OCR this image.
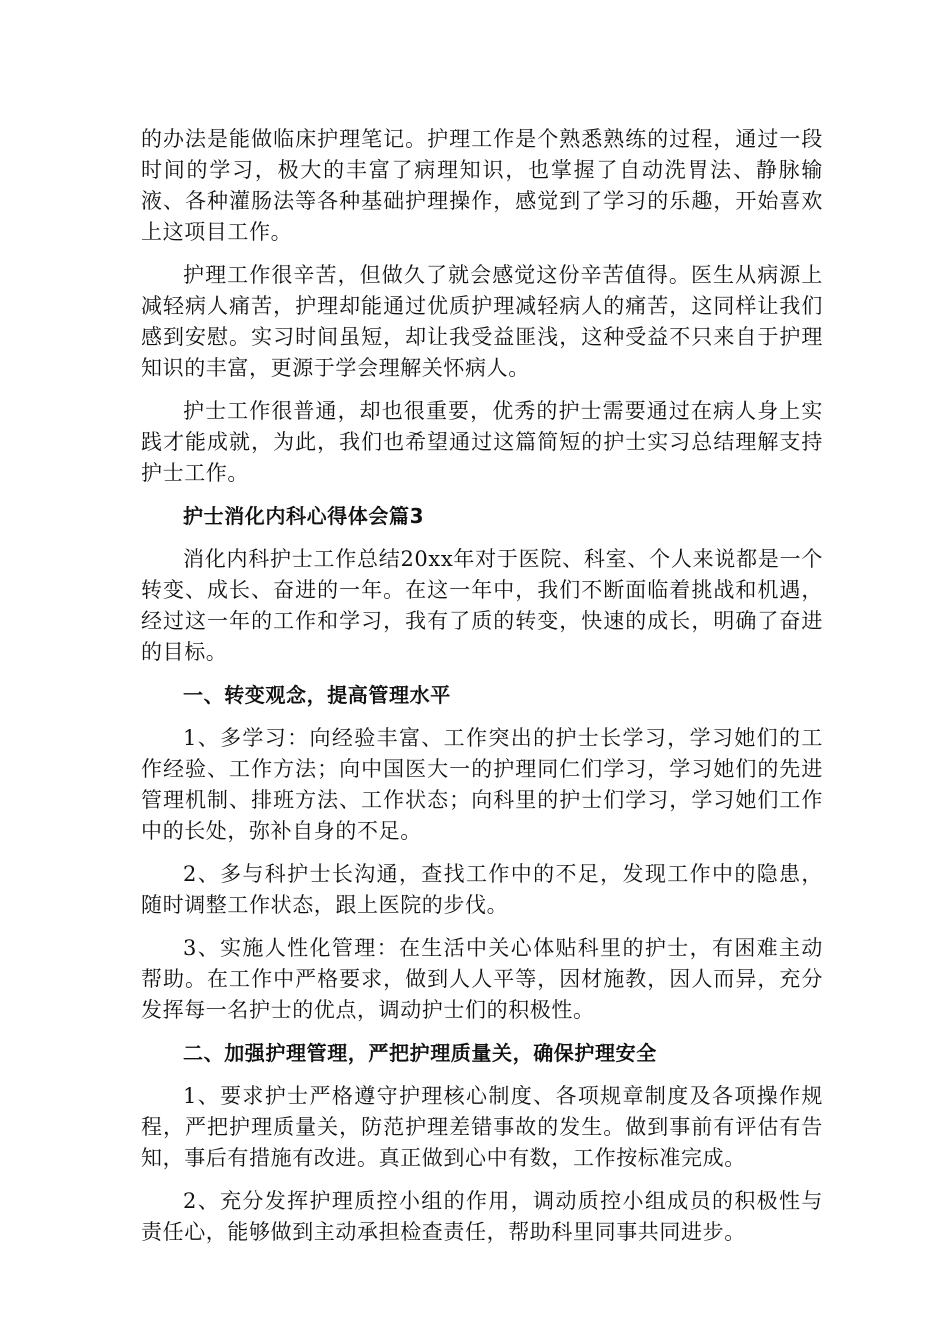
的办法是能做临床护理笔记。护理工作是个熟悉熟练的过程，通过一段时间的学习，极大的丰富了病理知识，也掌握了自动洗胃法、静脉输液、各种灌肠法等各种基础护理操作，感觉到了学习的乐趣，开始喜欢上这项目工作。

护理工作很辛苦，但做久了就会感觉这份辛苦值得。医生从病源上减轻病人痛苦，护理却能通过优质护理减轻病人的痛苦，这同样让我们感到安慰。实习时间虽短，却让我受益匪浅，这种受益不只来自于护理知识的丰富，更源于学会理解关怀病人。

护士工作很普通，却也很重要，优秀的护士需要通过在病人身上实践才能成就，为此，我们也希望通过这篇简短的护士实习总结理解支持护士工作。

护士消化内科心得体会篇3

消化内科护士工作总结20xx年对于医院、科室、个人来说都是一个转变、成长、奋进的一年。在这一年中，我们不断面临着挑战和机遇，经过这一年的工作和学习，我有了质的转变，快速的成长，明确了奋进的目标。

一、转变观念，提高管理水平

1、多学习：向经验丰富、工作突出的护士长学习，学习她们的工作经验、工作方法；向中国医大一的护理同仁们学习，学习她们的先进管理机制、排班方法、工作状态；向科里的护士们学习，学习她们工作中的长处，弥补自身的不足。

2、多与科护士长沟通，查找工作中的不足，发现工作中的隐患，随时调整工作状态，跟上医院的步伐。

3、实施人性化管理：在生活中关心体贴科里的护士，有困难主动帮助。在工作中严格要求，做到人人平等，因材施教，因人而异，充分发挥每一名护士的优点，调动护士们的积极性。

二、加强护理管理，严把护理质量关，确保护理安全

1、要求护士严格遵守护理核心制度、各项规章制度及各项操作规程，严把护理质量关，防范护理差错事故的发生。做到事前有评估有告知，事后有措施有改进。真正做到心中有数，工作按标准完成。

2、充分发挥护理质控小组的作用，调动质控小组成员的积极性与责任心，能够做到主动承担检查责任，帮助科里同事共同进步。
